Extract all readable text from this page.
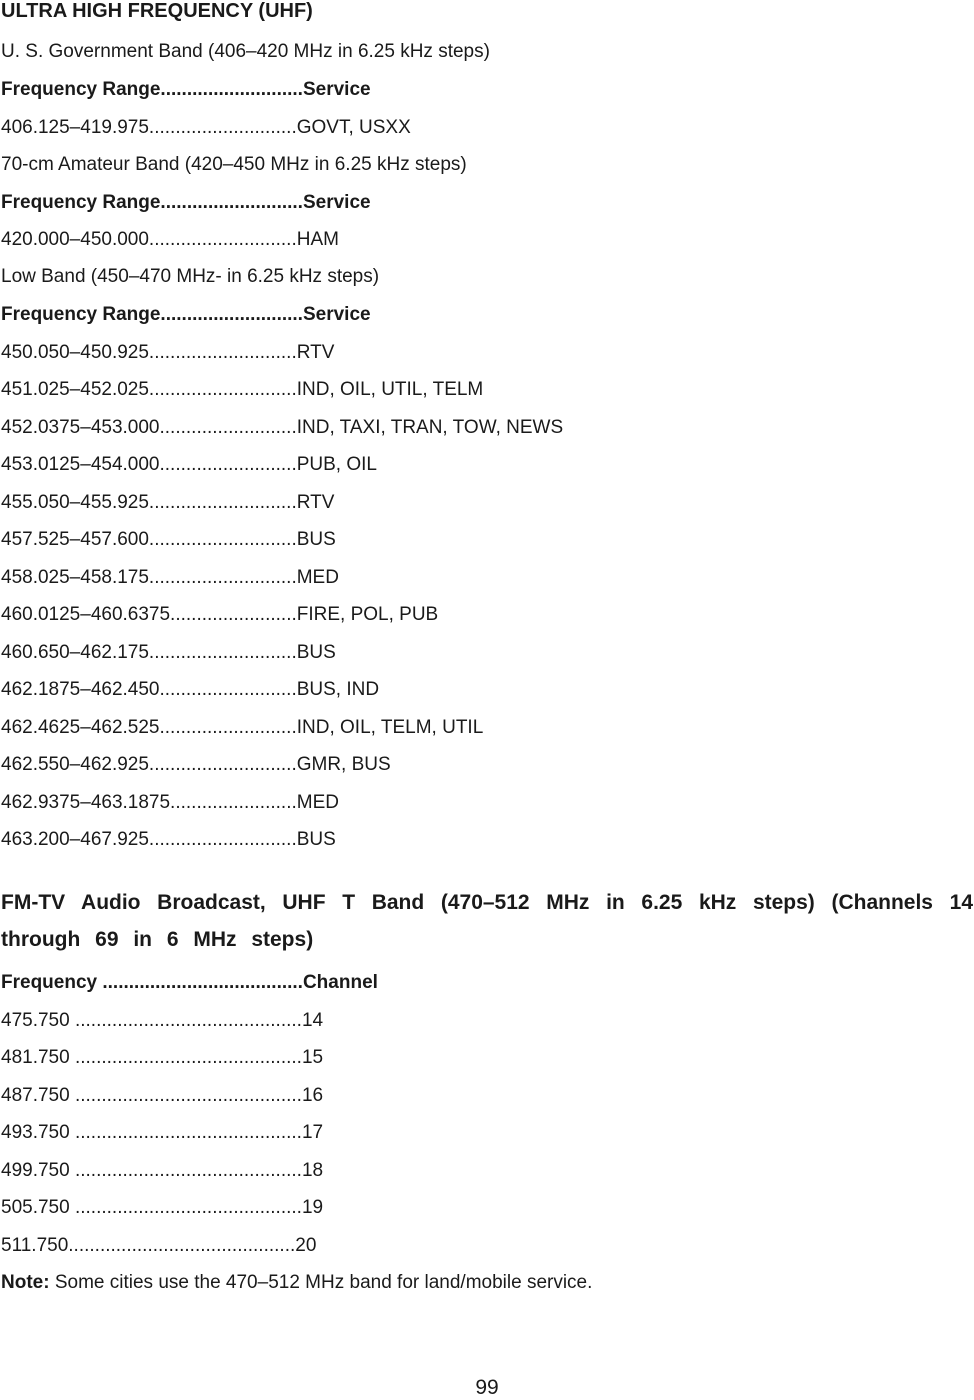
ULTRA HIGH FREQUENCY (UHF)
U. S. Government Band (406–420 MHz in 6.25 kHz steps)
Frequency Range...........................Service
406.125–419.975............................GOVT, USXX
70-cm Amateur Band (420–450 MHz in 6.25 kHz steps)
Frequency Range...........................Service
420.000–450.000............................HAM
Low Band (450–470 MHz- in 6.25 kHz steps)
Frequency Range...........................Service
450.050–450.925............................RTV
451.025–452.025............................IND, OIL, UTIL, TELM
452.0375–453.000..........................IND, TAXI, TRAN, TOW, NEWS
453.0125–454.000..........................PUB, OIL
455.050–455.925............................RTV
457.525–457.600............................BUS
458.025–458.175............................MED
460.0125–460.6375........................FIRE, POL, PUB
460.650–462.175............................BUS
462.1875–462.450..........................BUS, IND
462.4625–462.525..........................IND, OIL, TELM, UTIL
462.550–462.925............................GMR, BUS
462.9375–463.1875........................MED
463.200–467.925............................BUS
FM-TV Audio Broadcast, UHF T Band (470–512 MHz in 6.25 kHz steps) (Channels 14 through 69 in 6 MHz steps)
Frequency ......................................Channel
475.750 ...........................................14
481.750 ...........................................15
487.750 ...........................................16
493.750 ...........................................17
499.750 ...........................................18
505.750 ...........................................19
511.750...........................................20
Note: Some cities use the 470–512 MHz band for land/mobile service.
99
